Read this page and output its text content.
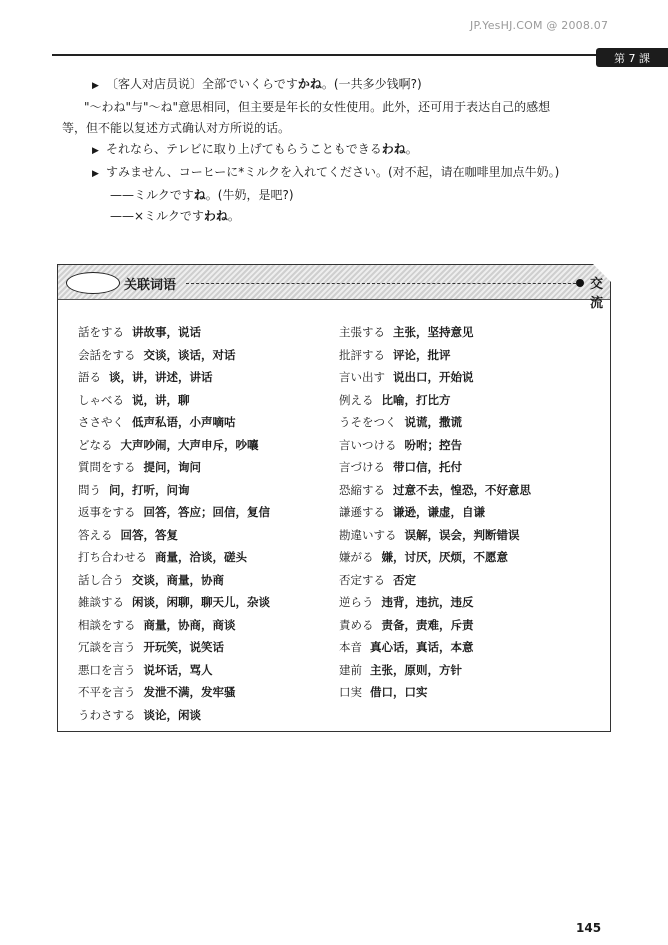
JP.YesHJ.COM @ 2008.07
第 7 課
▶ 〔客人对店员说〕全部でいくらですかね。(一共多少钱啊?)
"～わね"与"～ね"意思相同，但主要是年长的女性使用。此外，还可用于表达自己的感想
等，但不能以复述方式确认对方所说的话。
▶ それなら、テレビに取り上げてもらうこともできるわね。
▶ すみません、コーヒーに*ミルクを入れてください。(对不起，请在咖啡里加点牛奶。)
——ミルクですね。(牛奶，是吧?)
——×ミルクですわね。
关联词语	交流
話をする 讲故事，说话
会話をする 交谈，谈话，对话
語る 谈，讲，讲述，讲话
しゃべる 说，讲，聊
ささやく 低声私语，小声嘀咕
どなる 大声吵闹，大声申斥，吵嚷
質問をする 提问，询问
問う 问，打听，问询
返事をする 回答，答应；回信，复信
答える 回答，答复
打ち合わせる 商量，洽谈，磋头
話し合う 交谈，商量，协商
雑談する 闲谈，闲聊，聊天儿，杂谈
相談をする 商量，协商，商谈
冗談を言う 开玩笑，说笑话
悪口を言う 说坏话，骂人
不平を言う 发泄不满，发牢骚
うわさする 谈论，闲谈
主張する 主张，坚持意见
批評する 评论，批评
言い出す 说出口，开始说
例える 比喻，打比方
うそをつく 说谎，撒谎
言いつける 吩咐；控告
言づける 带口信，托付
恐縮する 过意不去，惶恐，不好意思
謙遜する 谦逊，谦虚，自谦
勘違いする 误解，误会，判断错误
嫌がる 嫌，讨厌，厌烦，不愿意
否定する 否定
逆らう 违背，违抗，违反
責める 责备，责难，斥责
本音 真心话，真话，本意
建前 主张，原则，方针
口実 借口，口实
145
